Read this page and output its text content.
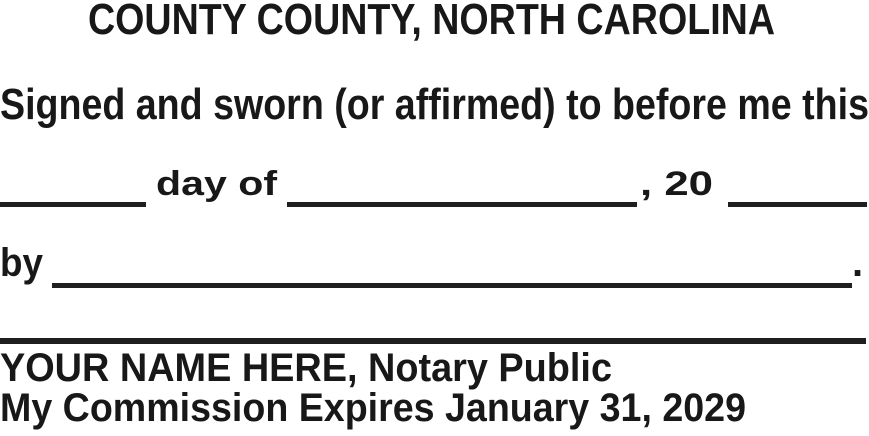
COUNTY COUNTY, NORTH CAROLINA
Signed and sworn (or affirmed) to before me this
day of	, 20
by	.
YOUR NAME HERE, Notary Public
My Commission Expires January 31, 2029
